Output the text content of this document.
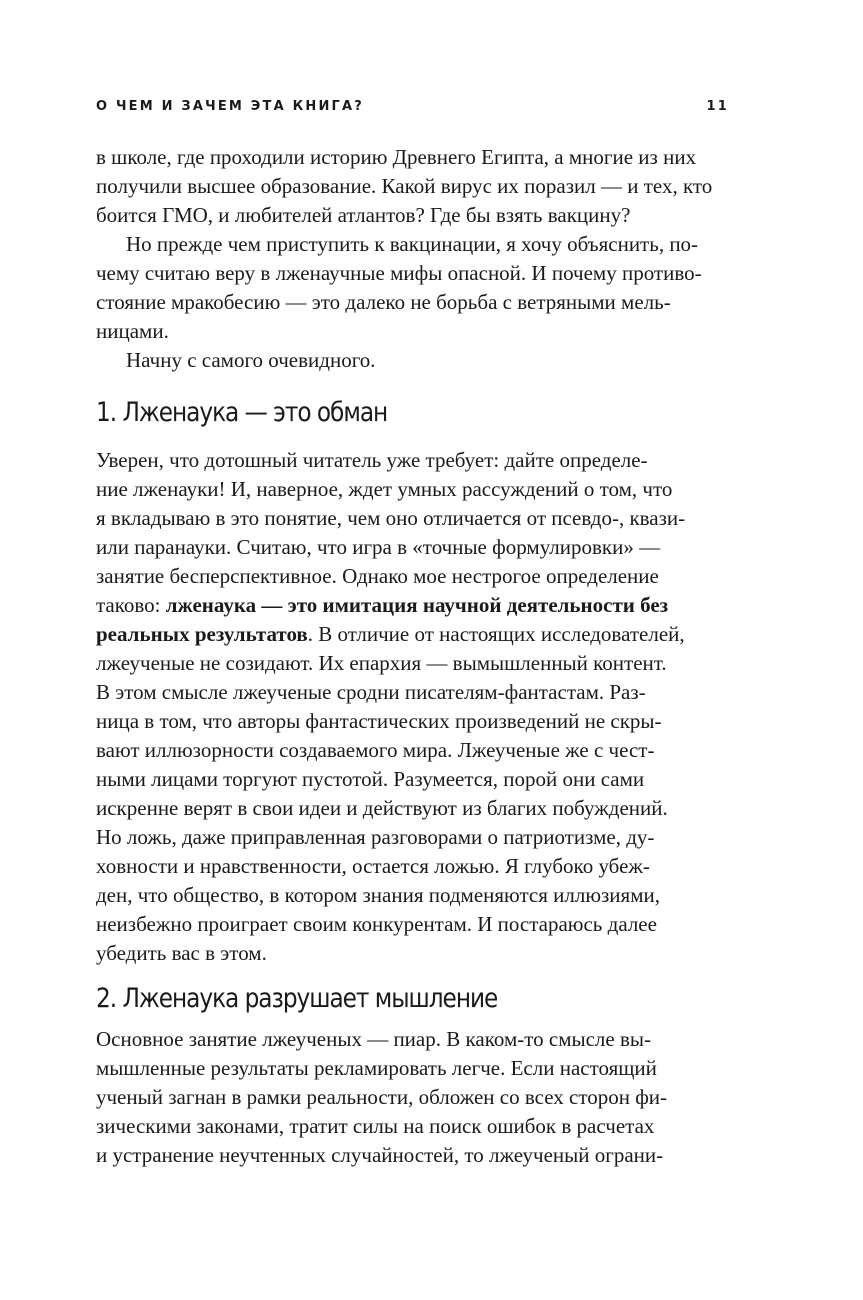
О ЧЕМ И ЗАЧЕМ ЭТА КНИГА?	11

в школе, где проходили историю Древнего Египта, а многие из них
получили высшее образование. Какой вирус их поразил — и тех, кто
боится ГМО, и любителей атлантов? Где бы взять вакцину?

Но прежде чем приступить к вакцинации, я хочу объяснить, по-
чему считаю веру в лженаучные мифы опасной. И почему противо-
стояние мракобесию — это далеко не борьба с ветряными мель-
ницами.

Начну с самого очевидного.

1. Лженаука — это обман

Уверен, что дотошный читатель уже требует: дайте определе-
ние лженауки! И, наверное, ждет умных рассуждений о том, что
я вкладываю в это понятие, чем оно отличается от псевдо-, квази-
или паранауки. Считаю, что игра в «точные формулировки» —
занятие бесперспективное. Однако мое нестрогое определение
таково: лженаука — это имитация научной деятельности без
реальных результатов. В отличие от настоящих исследователей,
лжеученые не созидают. Их епархия — вымышленный контент.
В этом смысле лжеученые сродни писателям-фантастам. Раз-
ница в том, что авторы фантастических произведений не скры-
вают иллюзорности создаваемого мира. Лжеученые же с чест-
ными лицами торгуют пустотой. Разумеется, порой они сами
искренне верят в свои идеи и действуют из благих побуждений.
Но ложь, даже приправленная разговорами о патриотизме, ду-
ховности и нравственности, остается ложью. Я глубоко убеж-
ден, что общество, в котором знания подменяются иллюзиями,
неизбежно проиграет своим конкурентам. И постараюсь далее
убедить вас в этом.

2. Лженаука разрушает мышление

Основное занятие лжеученых — пиар. В каком-то смысле вы-
мышленные результаты рекламировать легче. Если настоящий
ученый загнан в рамки реальности, обложен со всех сторон фи-
зическими законами, тратит силы на поиск ошибок в расчетах
и устранение неучтенных случайностей, то лжеученый ограни-
